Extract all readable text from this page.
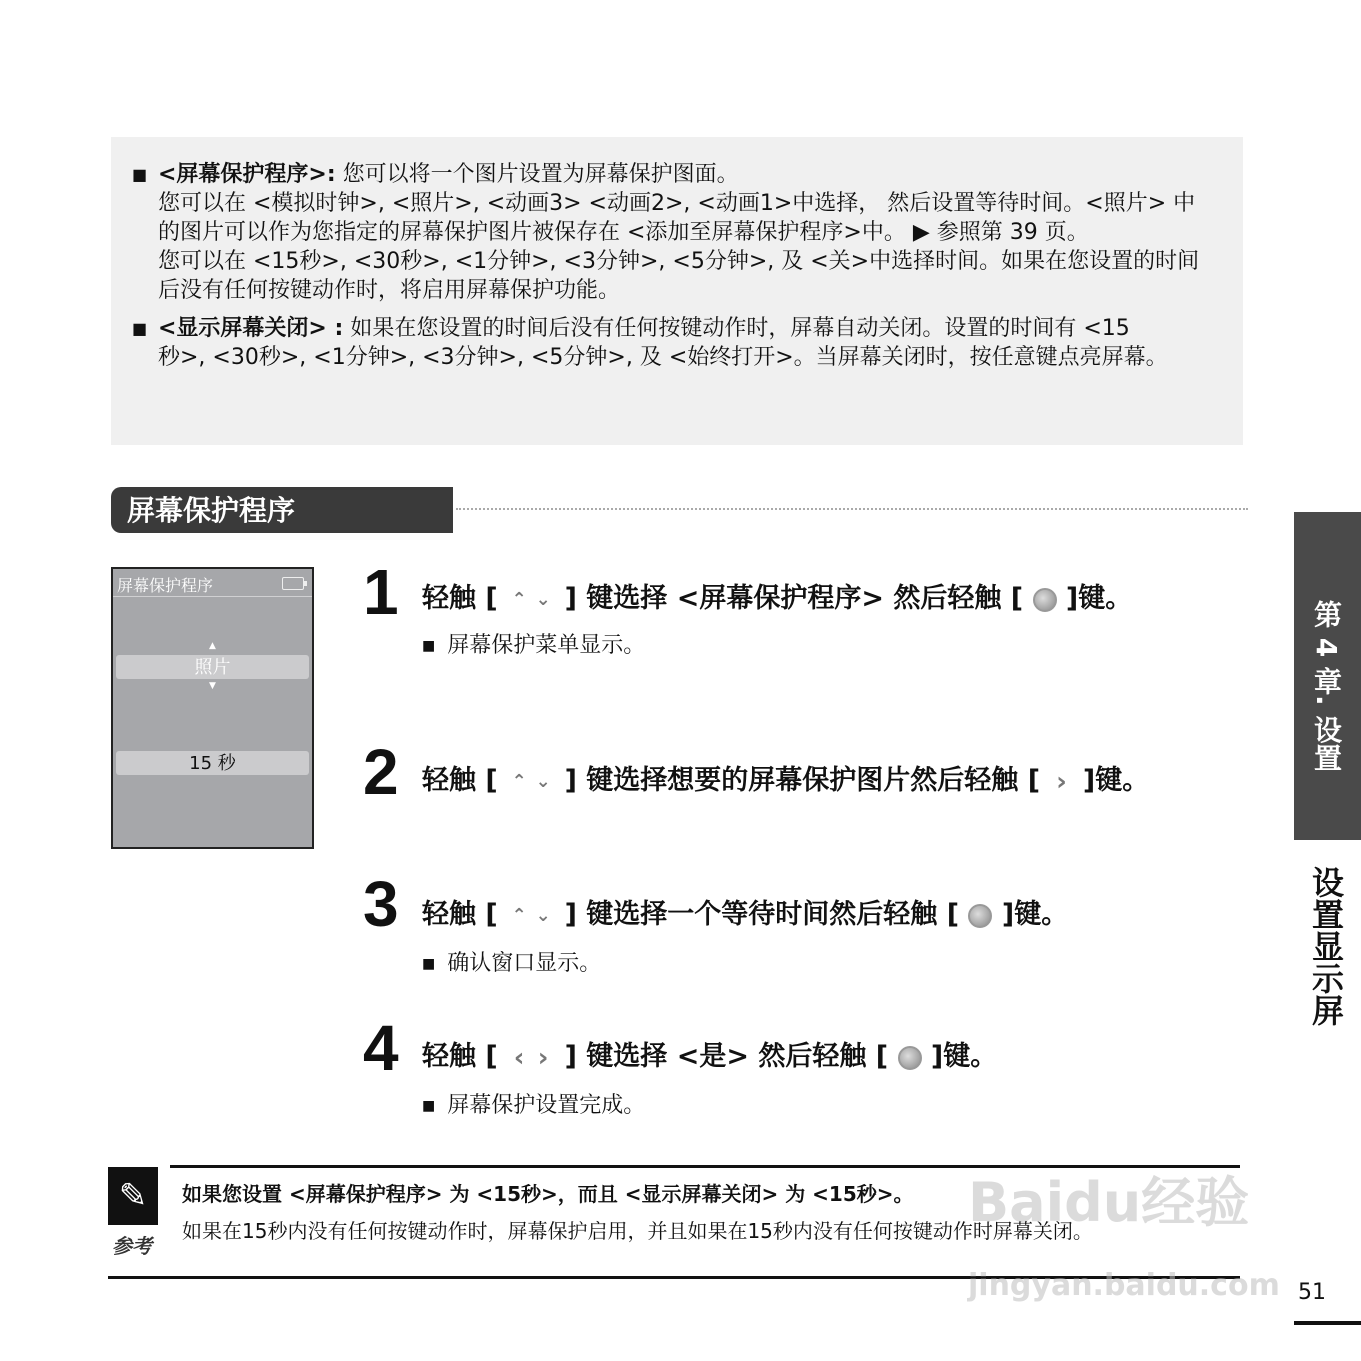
■ <屏幕保护程序>: 您可以将一个图片设置为屏幕保护图面。
您可以在 <模拟时钟>, <照片>, <动画3> <动画2>, <动画1>中选择， 然后设置等待时间。<照片> 中
的图片可以作为您指定的屏幕保护图片被保存在 <添加至屏幕保护程序>中。 ▶ 参照第 39 页。
您可以在 <15秒>, <30秒>, <1分钟>, <3分钟>, <5分钟>, 及 <关>中选择时间。如果在您设置的时间
后没有任何按键动作时，将启用屏幕保护功能。
■ <显示屏幕关闭> : 如果在您设置的时间后没有任何按键动作时，屏幕自动关闭。设置的时间有 <15
秒>, <30秒>, <1分钟>, <3分钟>, <5分钟>, 及 <始终打开>。当屏幕关闭时，按任意键点亮屏幕。
屏幕保护程序
屏幕保护程序
▲
照片
▼
15 秒
1 轻触 [ ⌃ ⌄ ] 键选择 <屏幕保护程序> 然后轻触 [ ]键。
■ 屏幕保护菜单显示。
2 轻触 [ ⌃ ⌄ ] 键选择想要的屏幕保护图片然后轻触 [ › ]键。
3 轻触 [ ⌃ ⌄ ] 键选择一个等待时间然后轻触 [ ]键。
■ 确认窗口显示。
4 轻触 [ ‹ › ] 键选择 <是> 然后轻触 [ ]键。
■ 屏幕保护设置完成。
✎
参考
如果您设置 <屏幕保护程序> 为 <15秒>，而且 <显示屏幕关闭> 为 <15秒>。
如果在15秒内没有任何按键动作时，屏幕保护启用，并且如果在15秒内没有任何按键动作时屏幕关闭。
Baidu经验
jingyan.baidu.com
第 4 章. 设置
设置显示屏
51
